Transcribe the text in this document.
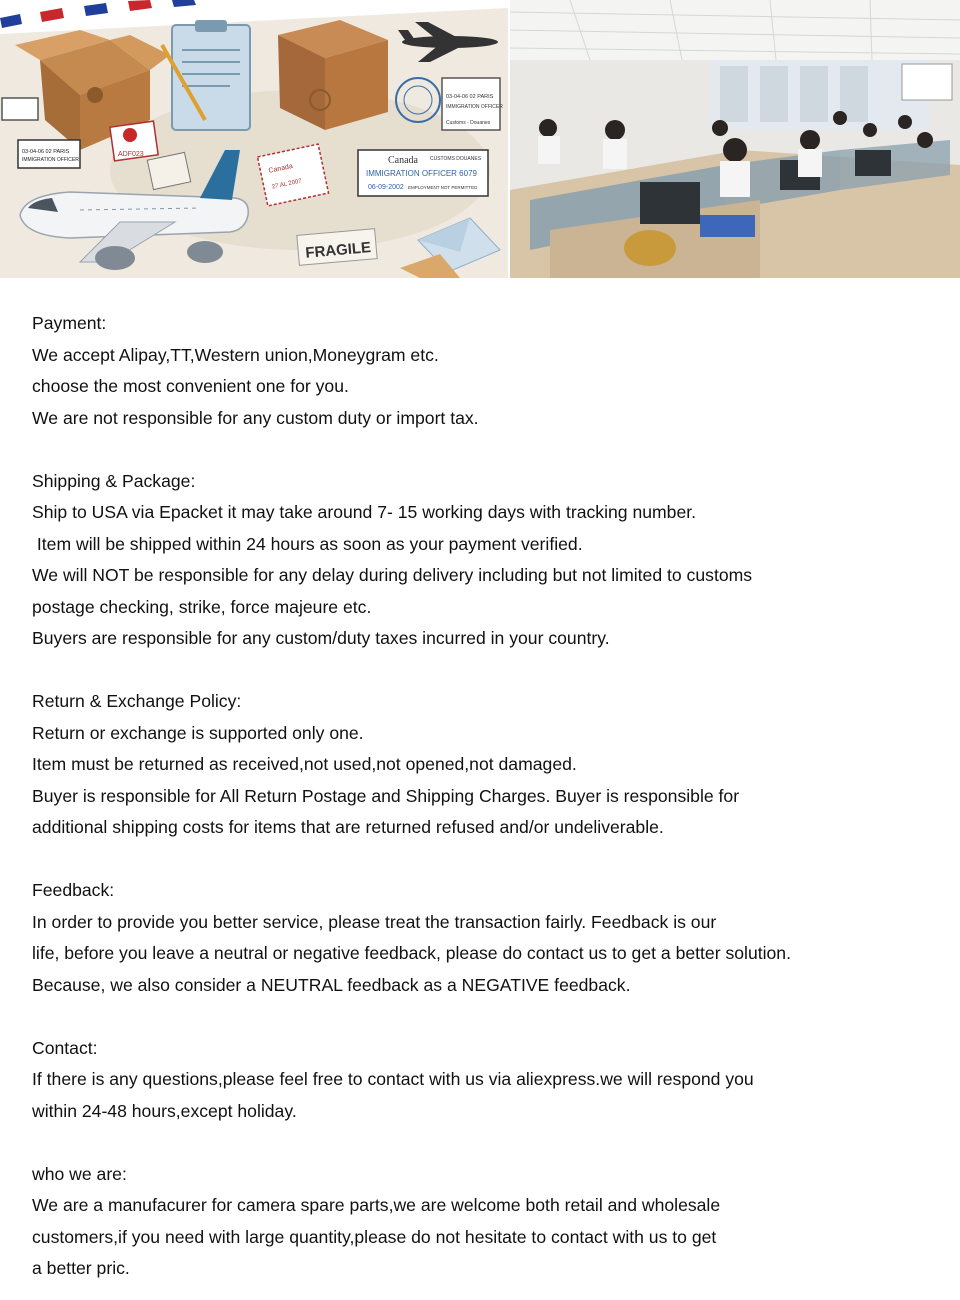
03-04-06 02 PARIS
IMMIGRATION OFFICER
ADF023
Canada
27 AL 2007
03-04-06 02 PARIS
IMMIGRATION OFFICER
Customs - Douanes
Canada CUSTOMS DOUANES
IMMIGRATION OFFICER 6079
06-09-2002 EMPLOYMENT NOT PERMITTED
FRAGILE
Payment:
We accept Alipay,TT,Western union,Moneygram etc.
choose the most convenient one for you.
We are not responsible for any custom duty or import tax.
Shipping & Package:
Ship to USA via Epacket it may take around 7- 15 working days with tracking number.
Item will be shipped within 24 hours as soon as your payment verified.
We will NOT be responsible for any delay during delivery including but not limited to customs
postage checking, strike, force majeure etc.
Buyers are responsible for any custom/duty taxes incurred in your country.
Return & Exchange Policy:
Return or exchange is supported only one.
Item must be returned as received,not used,not opened,not damaged.
Buyer is responsible for All Return Postage and Shipping Charges. Buyer is responsible for
additional shipping costs for items that are returned refused and/or undeliverable.
Feedback:
In order to provide you better service, please treat the transaction fairly. Feedback is our
life, before you leave a neutral or negative feedback, please do contact us to get a better solution.
Because, we also consider a NEUTRAL feedback as a NEGATIVE feedback.
Contact:
If there is any questions,please feel free to contact with us via aliexpress.we will respond you
within 24-48 hours,except holiday.
who we are:
We are a manufacurer for camera spare parts,we are welcome both retail and wholesale
customers,if you need with large quantity,please do not hesitate to contact with us to get
a better pric.
